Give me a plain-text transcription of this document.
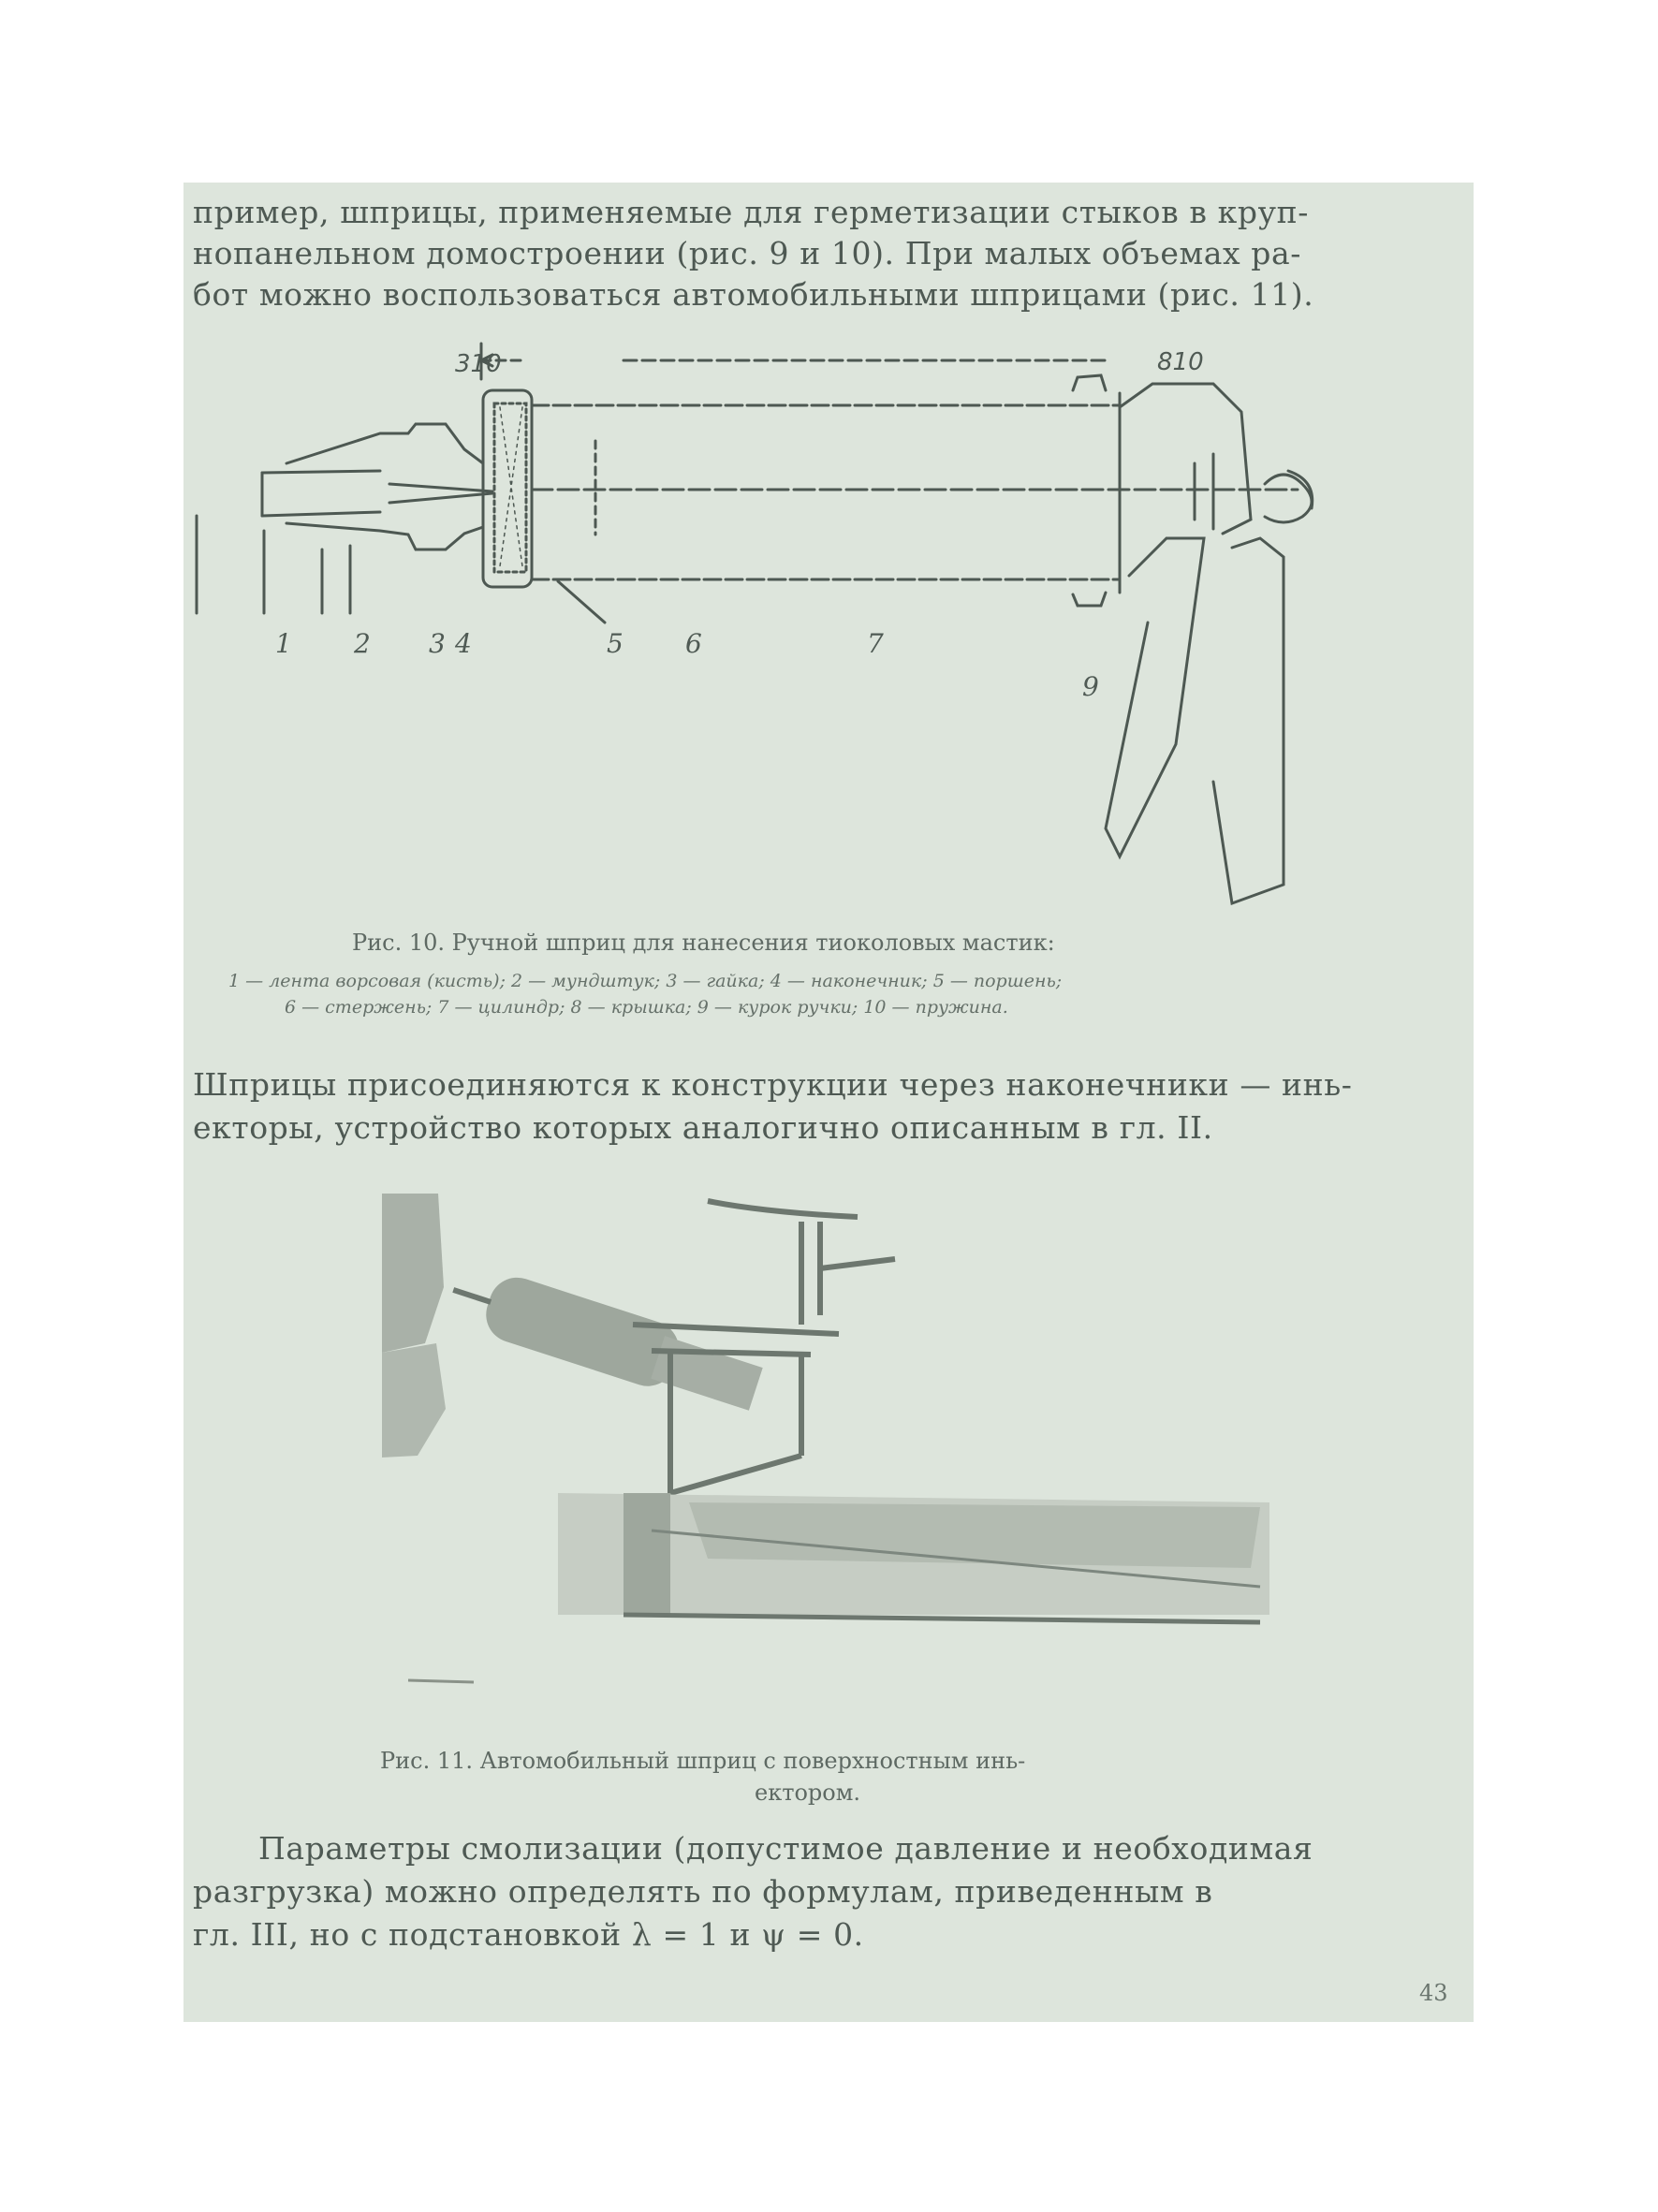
пример, шприцы, применяемые для герметизации стыков в круп-
нопанельном домостроении (рис. 9 и 10). При малых объемах ра-
бот можно воспользоваться автомобильными шприцами (рис. 11).
310	810
1 2 3 4	5 6	7
9
Рис. 10. Ручной шприц для нанесения тиоколовых мастик:
1 — лента ворсовая (кисть); 2 — мундштук; 3 — гайка; 4 — наконечник; 5 — поршень;
6 — стержень; 7 — цилиндр; 8 — крышка; 9 — курок ручки; 10 — пружина.
Шприцы присоединяются к конструкции через наконечники — инь-
екторы, устройство которых аналогично описанным в гл. II.
Рис. 11. Автомобильный шприц с поверхностным инь-
ектором.
Параметры смолизации (допустимое давление и необходимая
разгрузка) можно определять по формулам, приведенным в
гл. III, но с подстановкой λ = 1 и ψ = 0.
43
